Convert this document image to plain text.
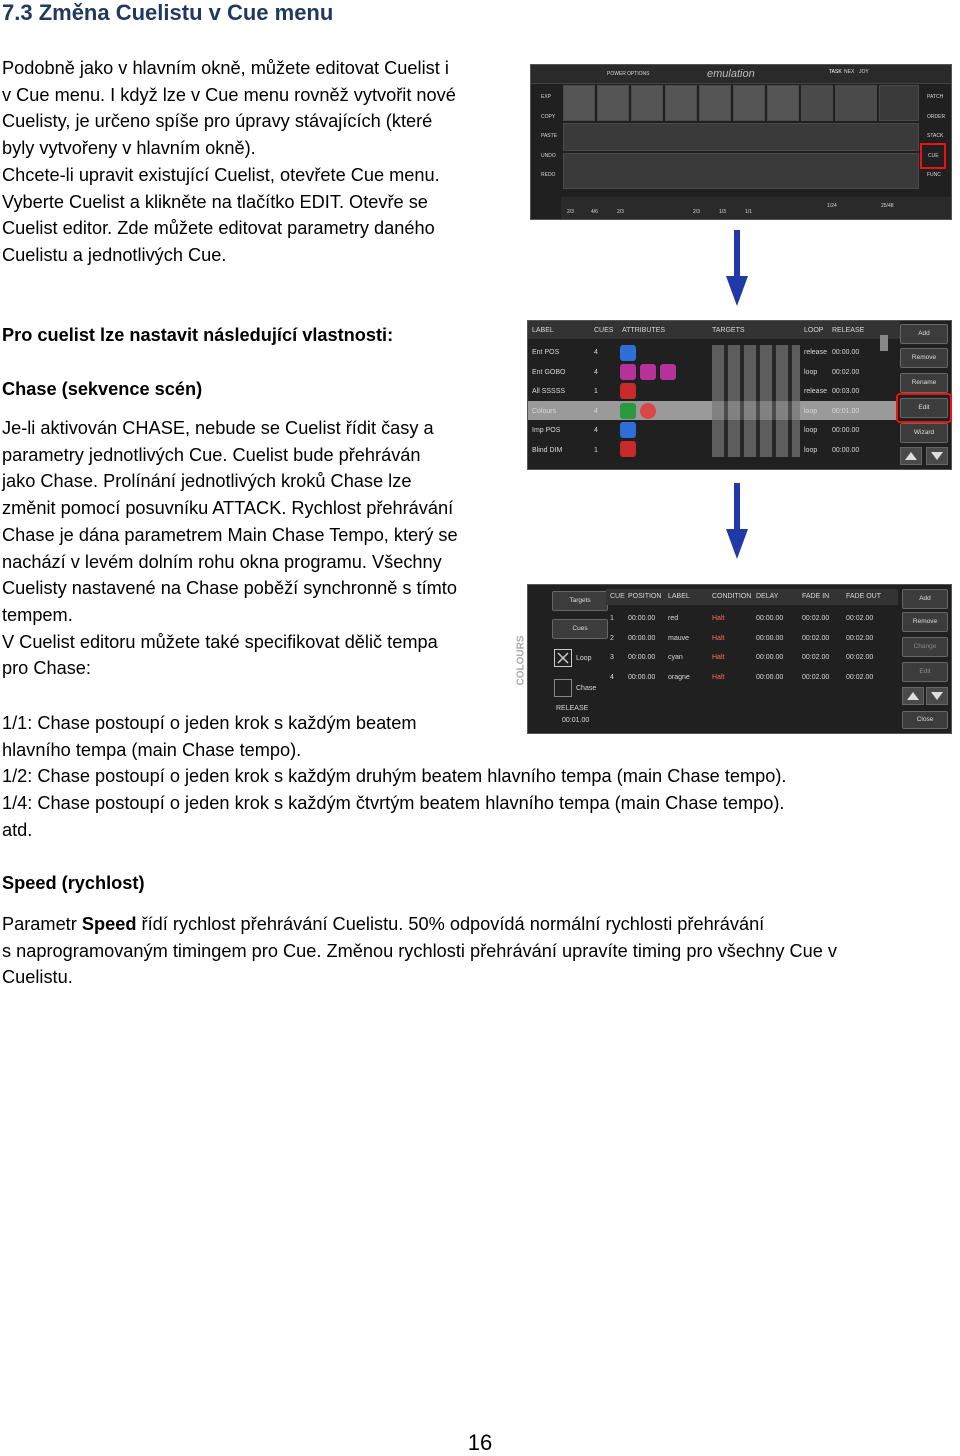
7.3 Změna Cuelistu v Cue menu
Podobně jako v hlavním okně, můžete editovat Cuelist i
v Cue menu. I když lze v Cue menu rovněž vytvořit nové
Cuelisty, je určeno spíše pro úpravy stávajících (které
byly vytvořeny v hlavním okně).
Chcete-li upravit existující Cuelist, otevřete Cue menu.
Vyberte Cuelist a klikněte na tlačítko EDIT. Otevře se
Cuelist editor. Zde můžete editovat parametry daného
Cuelistu a jednotlivých Cue.
Pro cuelist lze nastavit následující vlastnosti:
Chase (sekvence scén)
Je-li aktivován CHASE, nebude se Cuelist řídit časy a
parametry jednotlivých Cue. Cuelist bude přehráván
jako Chase. Prolínání jednotlivých kroků Chase lze
změnit pomocí posuvníku ATTACK. Rychlost přehrávání
Chase je dána parametrem Main Chase Tempo, který se
nachází v levém dolním rohu okna programu. Všechny
Cuelisty nastavené na Chase poběží synchronně s tímto
tempem.
V Cuelist editoru můžete také specifikovat dělič tempa
pro Chase:
1/1: Chase postoupí o jeden krok s každým beatem
hlavního tempa (main Chase tempo).
1/2: Chase postoupí o jeden krok s každým druhým beatem hlavního tempa (main Chase tempo).
1/4: Chase postoupí o jeden krok s každým čtvrtým beatem hlavního tempa (main Chase tempo).
atd.
Speed (rychlost)
Parametr Speed řídí rychlost přehrávání Cuelistu. 50% odpovídá normální rychlosti přehrávání
s naprogramovaným timingem pro Cue. Změnou rychlosti přehrávání upravíte timing pro všechny Cue v
Cuelistu.
16
POWER OPTIONS	emulation	TASK NEX JOY
EXP
COPY
PASTE
UNDO
REDO
PATCH
ORDER
STACK
CUE
FUNC
2/3	4/6	2/3	2/3	1/3	1/1
1/24	25/48
LABEL	CUES ATTRIBUTES	TARGETS	LOOP RELEASE
Ent POS	4	release 00:00.00
Ent GOBO	4	loop 00:02.00
All SSSSS	1	release 00:03.00
Colours	4	loop 00:01.00
Imp POS	4	loop 00:00.00
Blind DIM	1	loop 00:00.00
Add
Remove
Rename
Edit
Wizard
COLOURS
Targets
Cues
Loop
Chase
RELEASE
00:01.00
CUE POSITION LABEL	CONDITION DELAY	FADE IN FADE OUT
1 00:00.00 red	Halt	00:00.00	00:02.00 00:02.00
2 00:00.00 mauve	Halt	00:00.00	00:02.00 00:02.00
3 00:00.00 cyan	Halt	00:00.00	00:02.00 00:02.00
4 00:00.00 oragne	Halt	00:00.00	00:02.00 00:02.00
Add
Remove
Change
Edit
Close
